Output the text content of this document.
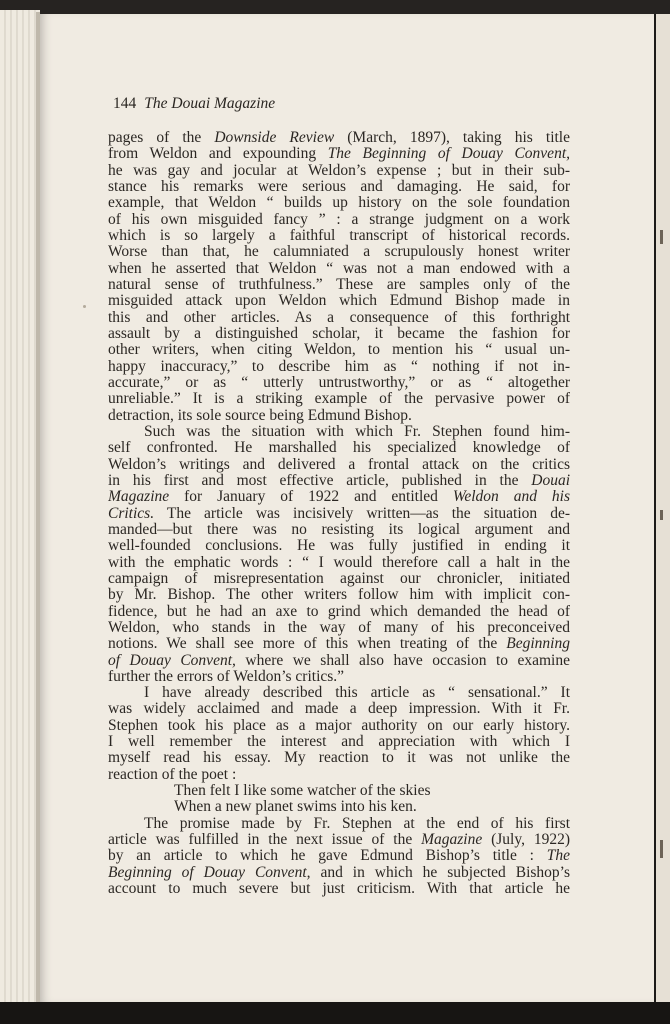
144 The Douai Magazine
pages of the Downside Review (March, 1897), taking his title
from Weldon and expounding The Beginning of Douay Convent,
he was gay and jocular at Weldon’s expense ; but in their sub-
stance his remarks were serious and damaging. He said, for
example, that Weldon “ builds up history on the sole foundation
of his own misguided fancy ” : a strange judgment on a work
which is so largely a faithful transcript of historical records.
Worse than that, he calumniated a scrupulously honest writer
when he asserted that Weldon “ was not a man endowed with a
natural sense of truthfulness.” These are samples only of the
misguided attack upon Weldon which Edmund Bishop made in
this and other articles. As a consequence of this forthright
assault by a distinguished scholar, it became the fashion for
other writers, when citing Weldon, to mention his “ usual un-
happy inaccuracy,” to describe him as “ nothing if not in-
accurate,” or as “ utterly untrustworthy,” or as “ altogether
unreliable.” It is a striking example of the pervasive power of
detraction, its sole source being Edmund Bishop.
Such was the situation with which Fr. Stephen found him-
self confronted. He marshalled his specialized knowledge of
Weldon’s writings and delivered a frontal attack on the critics
in his first and most effective article, published in the Douai
Magazine for January of 1922 and entitled Weldon and his
Critics. The article was incisively written—as the situation de-
manded—but there was no resisting its logical argument and
well-founded conclusions. He was fully justified in ending it
with the emphatic words : “ I would therefore call a halt in the
campaign of misrepresentation against our chronicler, initiated
by Mr. Bishop. The other writers follow him with implicit con-
fidence, but he had an axe to grind which demanded the head of
Weldon, who stands in the way of many of his preconceived
notions. We shall see more of this when treating of the Beginning
of Douay Convent, where we shall also have occasion to examine
further the errors of Weldon’s critics.”
I have already described this article as “ sensational.” It
was widely acclaimed and made a deep impression. With it Fr.
Stephen took his place as a major authority on our early history.
I well remember the interest and appreciation with which I
myself read his essay. My reaction to it was not unlike the
reaction of the poet :
Then felt I like some watcher of the skies
When a new planet swims into his ken.
The promise made by Fr. Stephen at the end of his first
article was fulfilled in the next issue of the Magazine (July, 1922)
by an article to which he gave Edmund Bishop’s title : The
Beginning of Douay Convent, and in which he subjected Bishop’s
account to much severe but just criticism. With that article he
